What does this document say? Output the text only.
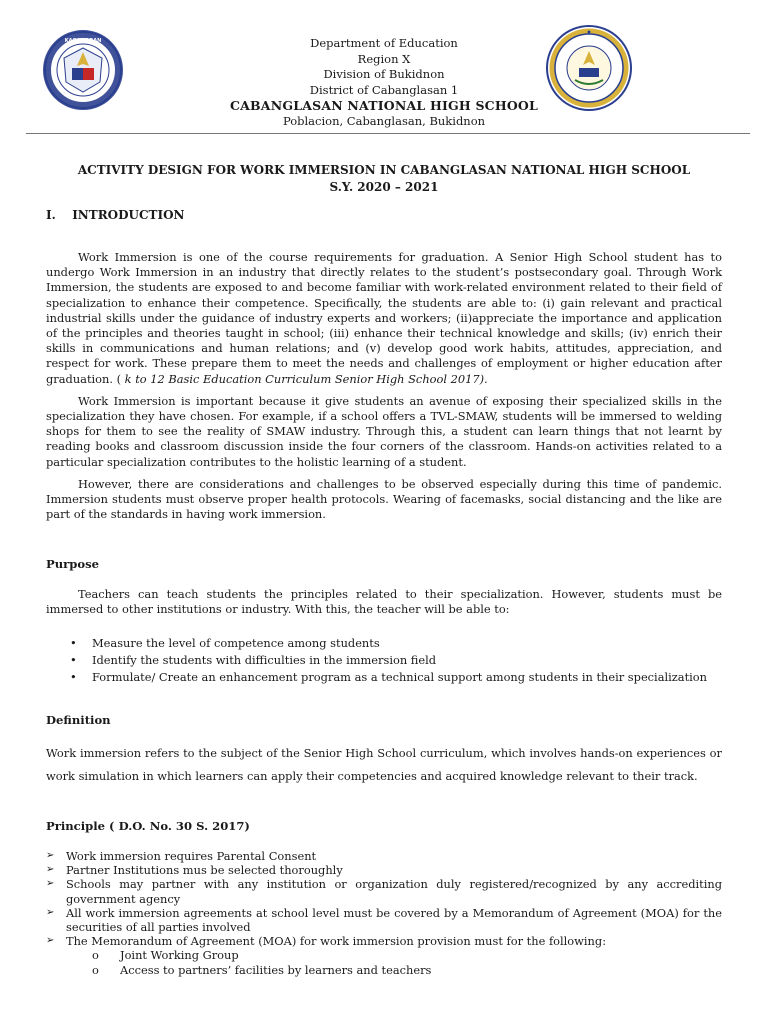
KAGAWARAN	Department of Education
Region X
Division of Bukidnon
District of Cabanglasan 1
CABANGLASAN NATIONAL HIGH SCHOOL
Poblacion, Cabanglasan, Bukidnon
ACTIVITY DESIGN FOR WORK IMMERSION IN CABANGLASAN NATIONAL HIGH SCHOOL
S.Y. 2020 – 2021
I. INTRODUCTION

Work Immersion is one of the course requirements for graduation. A Senior High School student has to undergo Work Immersion in an industry that directly relates to the student’s postsecondary goal. Through Work Immersion, the students are exposed to and become familiar with work-related environment related to their field of specialization to enhance their competence. Specifically, the students are able to: (i) gain relevant and practical industrial skills under the guidance of industry experts and workers; (ii)appreciate the importance and application of the principles and theories taught in school; (iii) enhance their technical knowledge and skills; (iv) enrich their skills in communications and human relations; and (v) develop good work habits, attitudes, appreciation, and respect for work. These prepare them to meet the needs and challenges of employment or higher education after graduation. ( k to 12 Basic Education Curriculum Senior High School 2017).

Work Immersion is important because it give students an avenue of exposing their specialized skills in the specialization they have chosen. For example, if a school offers a TVL-SMAW, students will be immersed to welding shops for them to see the reality of SMAW industry. Through this, a student can learn things that not learnt by reading books and classroom discussion inside the four corners of the classroom. Hands-on activities related to a particular specialization contributes to the holistic learning of a student.

However, there are considerations and challenges to be observed especially during this time of pandemic. Immersion students must observe proper health protocols. Wearing of facemasks, social distancing and the like are part of the standards in having work immersion.

Purpose

Teachers can teach students the principles related to their specialization. However, students must be immersed to other institutions or industry. With this, the teacher will be able to:

• Measure the level of competence among students
• Identify the students with difficulties in the immersion field
• Formulate/ Create an enhancement program as a technical support among students in their specialization
Definition

Work immersion refers to the subject of the Senior High School curriculum, which involves hands-on experiences or work simulation in which learners can apply their competencies and acquired knowledge relevant to their track.

Principle ( D.O. No. 30 S. 2017)
➢ Work immersion requires Parental Consent
➢ Partner Institutions mus be selected thoroughly
➢ Schools may partner with any institution or organization duly registered/recognized by any accrediting government agency
➢ All work immersion agreements at school level must be covered by a Memorandum of Agreement (MOA) for the securities of all parties involved
➢ The Memorandum of Agreement (MOA) for work immersion provision must for the following:
o Joint Working Group
o Access to partners’ facilities by learners and teachers
